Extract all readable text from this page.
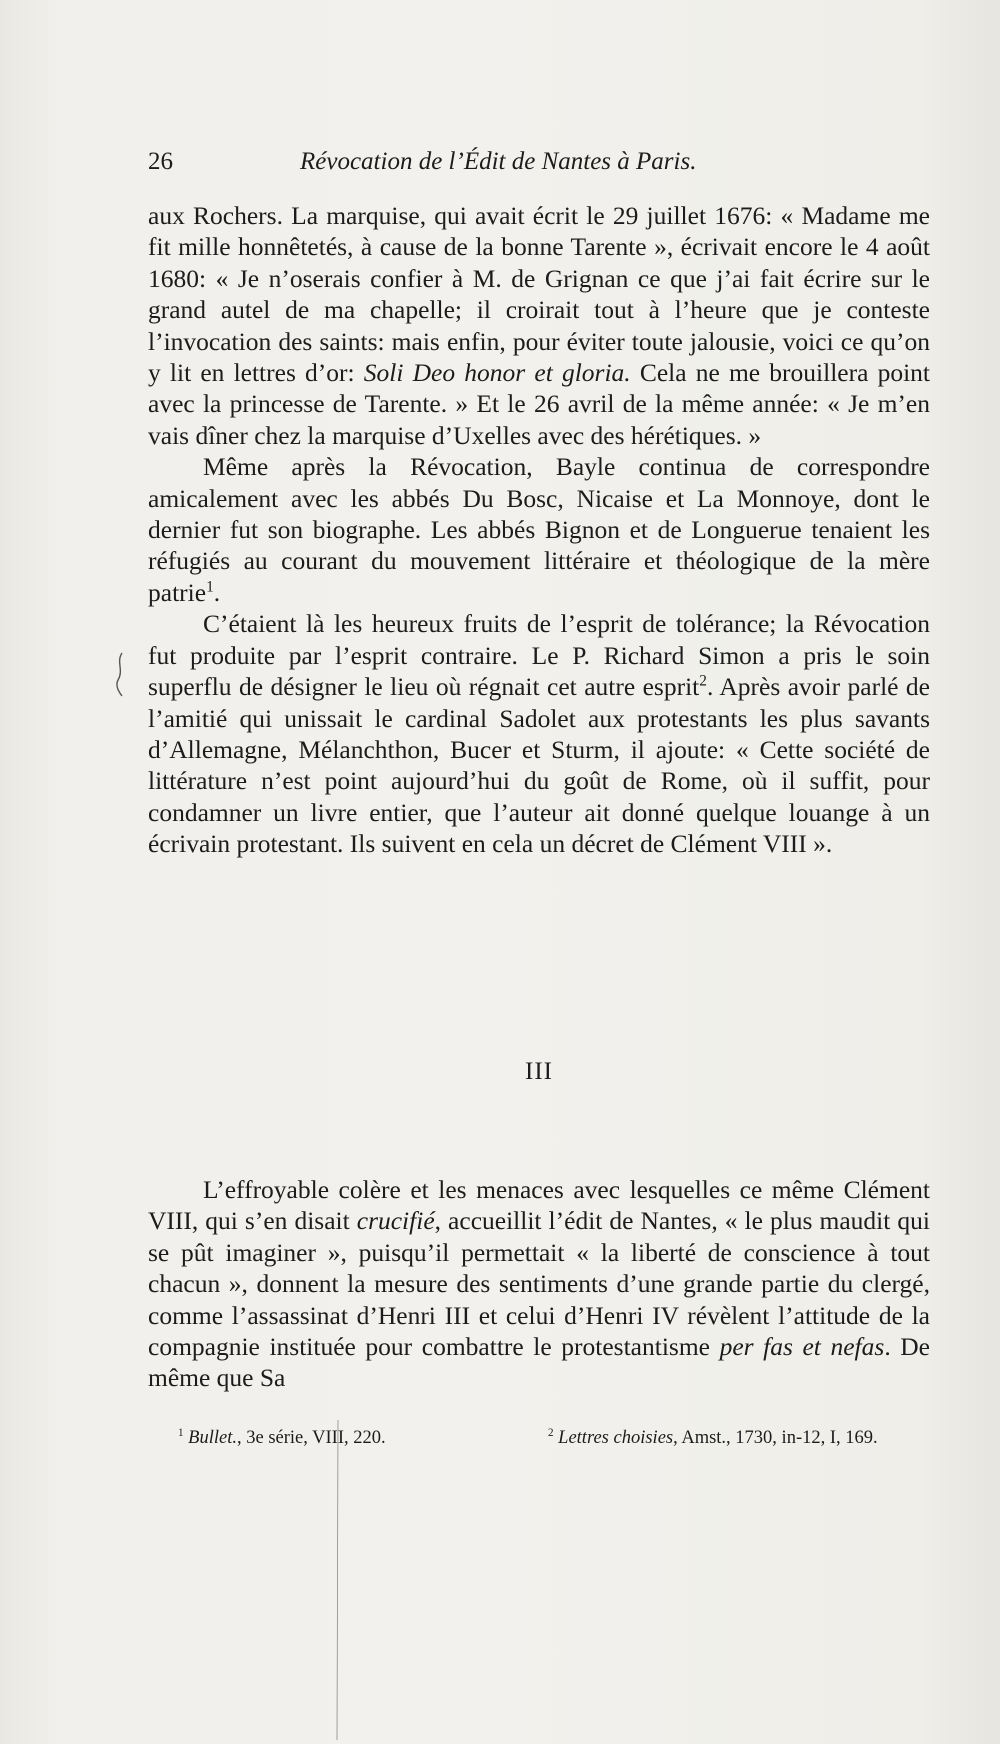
26	Révocation de l’Édit de Nantes à Paris.

aux Rochers. La marquise, qui avait écrit le 29 juillet 1676: « Madame me fit mille honnêtetés, à cause de la bonne Tarente », écrivait encore le 4 août 1680: « Je n’oserais confier à M. de Grignan ce que j’ai fait écrire sur le grand autel de ma chapelle; il croirait tout à l’heure que je conteste l’invocation des saints: mais enfin, pour éviter toute jalousie, voici ce qu’on y lit en lettres d’or: Soli Deo honor et gloria. Cela ne me brouillera point avec la princesse de Tarente. » Et le 26 avril de la même année: « Je m’en vais dîner chez la marquise d’Uxelles avec des hérétiques. »

Même après la Révocation, Bayle continua de correspondre amicalement avec les abbés Du Bosc, Nicaise et La Monnoye, dont le dernier fut son biographe. Les abbés Bignon et de Longuerue tenaient les réfugiés au courant du mouvement littéraire et théologique de la mère patrie$^1$.

C’étaient là les heureux fruits de l’esprit de tolérance; la Révocation fut produite par l’esprit contraire. Le P. Richard Simon a pris le soin superflu de désigner le lieu où régnait cet autre esprit$^2$. Après avoir parlé de l’amitié qui unissait le cardinal Sadolet aux protestants les plus savants d’Allemagne, Mélanchthon, Bucer et Sturm, il ajoute: « Cette société de littérature n’est point aujourd’hui du goût de Rome, où il suffit, pour condamner un livre entier, que l’auteur ait donné quelque louange à un écrivain protestant. Ils suivent en cela un décret de Clément VIII ».

III

L’effroyable colère et les menaces avec lesquelles ce même Clément VIII, qui s’en disait crucifié, accueillit l’édit de Nantes, « le plus maudit qui se pût imaginer », puisqu’il permettait « la liberté de conscience à tout chacun », donnent la mesure des sentiments d’une grande partie du clergé, comme l’assassinat d’Henri III et celui d’Henri IV révèlent l’attitude de la compagnie instituée pour combattre le protestantisme per fas et nefas. De même que Sa

$^1$ Bullet., 3e série, VIII, 220.	$^2$ Lettres choisies, Amst., 1730, in-12, I, 169.
